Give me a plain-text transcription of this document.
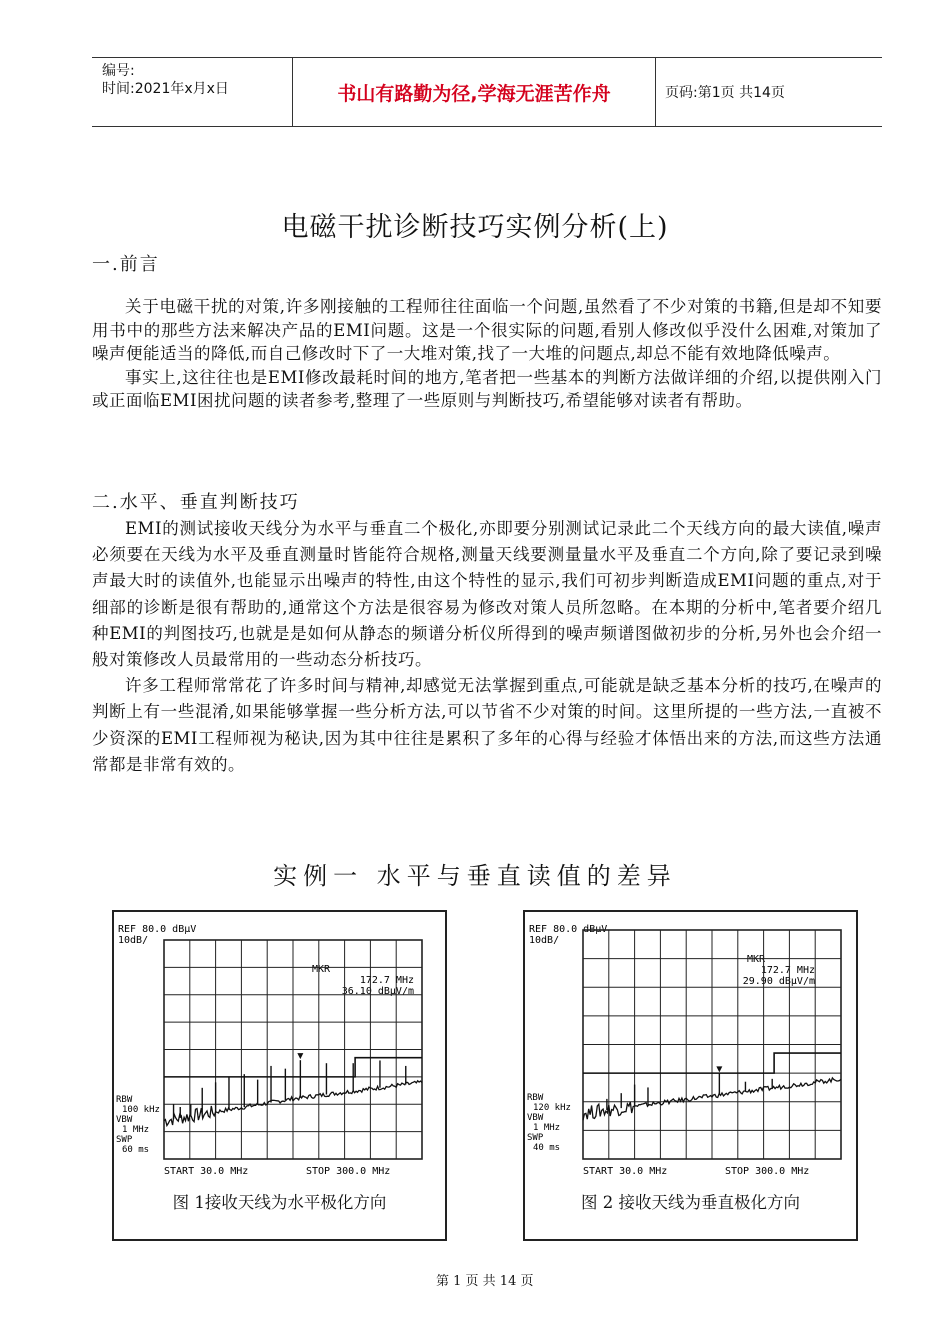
编号:
时间:2021年x月x日	书山有路勤为径,学海无涯苦作舟	页码:第1页 共14页
电磁干扰诊断技巧实例分析(上)
一.前言

关于电磁干扰的对策,许多刚接触的工程师往往面临一个问题,虽然看了不少对策的书籍,但是却不知要用书中的那些方法来解决产品的EMI问题。这是一个很实际的问题,看别人修改似乎没什么困难,对策加了噪声便能适当的降低,而自己修改时下了一大堆对策,找了一大堆的问题点,却总不能有效地降低噪声。

事实上,这往往也是EMI修改最耗时间的地方,笔者把一些基本的判断方法做详细的介绍,以提供刚入门或正面临EMI困扰问题的读者参考,整理了一些原则与判断技巧,希望能够对读者有帮助。

二.水平、垂直判断技巧

EMI的测试接收天线分为水平与垂直二个极化,亦即要分别测试记录此二个天线方向的最大读值,噪声必须要在天线为水平及垂直测量时皆能符合规格,测量天线要测量量水平及垂直二个方向,除了要记录到噪声最大时的读值外,也能显示出噪声的特性,由这个特性的显示,我们可初步判断造成EMI问题的重点,对于细部的诊断是很有帮助的,通常这个方法是很容易为修改对策人员所忽略。在本期的分析中,笔者要介绍几种EMI的判图技巧,也就是是如何从静态的频谱分析仪所得到的噪声频谱图做初步的分析,另外也会介绍一般对策修改人员最常用的一些动态分析技巧。

许多工程师常常花了许多时间与精神,却感觉无法掌握到重点,可能就是缺乏基本分析的技巧,在噪声的判断上有一些混淆,如果能够掌握一些分析方法,可以节省不少对策的时间。这里所提的一些方法,一直被不少资深的EMI工程师视为秘诀,因为其中往往是累积了多年的心得与经验才体悟出来的方法,而这些方法通常都是非常有效的。

实例一 水平与垂直读值的差异
REF 80.0 dBµV
10dB/
MKR
172.7 MHz
36.10 dBµV/m
START 30.0 MHz	STOP 300.0 MHz
RBW
100 kHz
VBW
1 MHz
SWP
60 ms
图 1接收天线为水平极化方向
REF 80.0 dBµV
10dB/
MKR
172.7 MHz
29.90 dBµV/m
START 30.0 MHz	STOP 300.0 MHz
RBW
120 kHz
VBW
1 MHz
SWP
40 ms
图 2 接收天线为垂直极化方向
第 1 页 共 14 页
